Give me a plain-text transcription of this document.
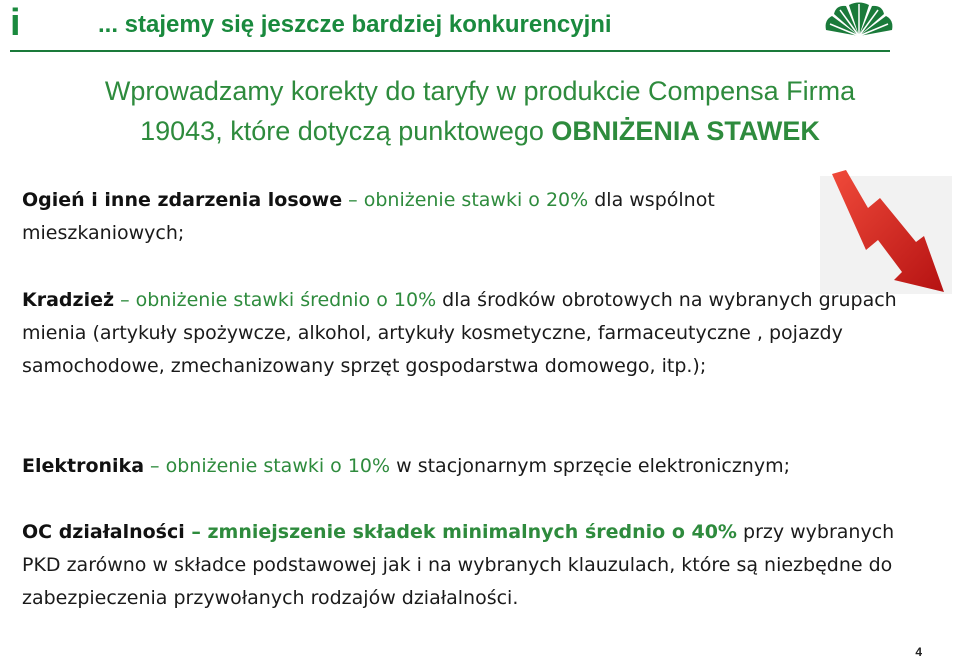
i	... stajemy się jeszcze bardziej konkurencyjni
Wprowadzamy korekty do taryfy w produkcie Compensa Firma
19043, które dotyczą punktowego OBNIŻENIA STAWEK
Ogień i inne zdarzenia losowe – obniżenie stawki o 20% dla wspólnot mieszkaniowych;
Kradzież – obniżenie stawki średnio o 10% dla środków obrotowych na wybranych grupach mienia (artykuły spożywcze, alkohol, artykuły kosmetyczne, farmaceutyczne , pojazdy samochodowe, zmechanizowany sprzęt gospodarstwa domowego, itp.);
Elektronika – obniżenie stawki o 10% w stacjonarnym sprzęcie elektronicznym;
OC działalności – zmniejszenie składek minimalnych średnio o 40% przy wybranych PKD zarówno w składce podstawowej jak i na wybranych klauzulach, które są niezbędne do zabezpieczenia przywołanych rodzajów działalności.
4
